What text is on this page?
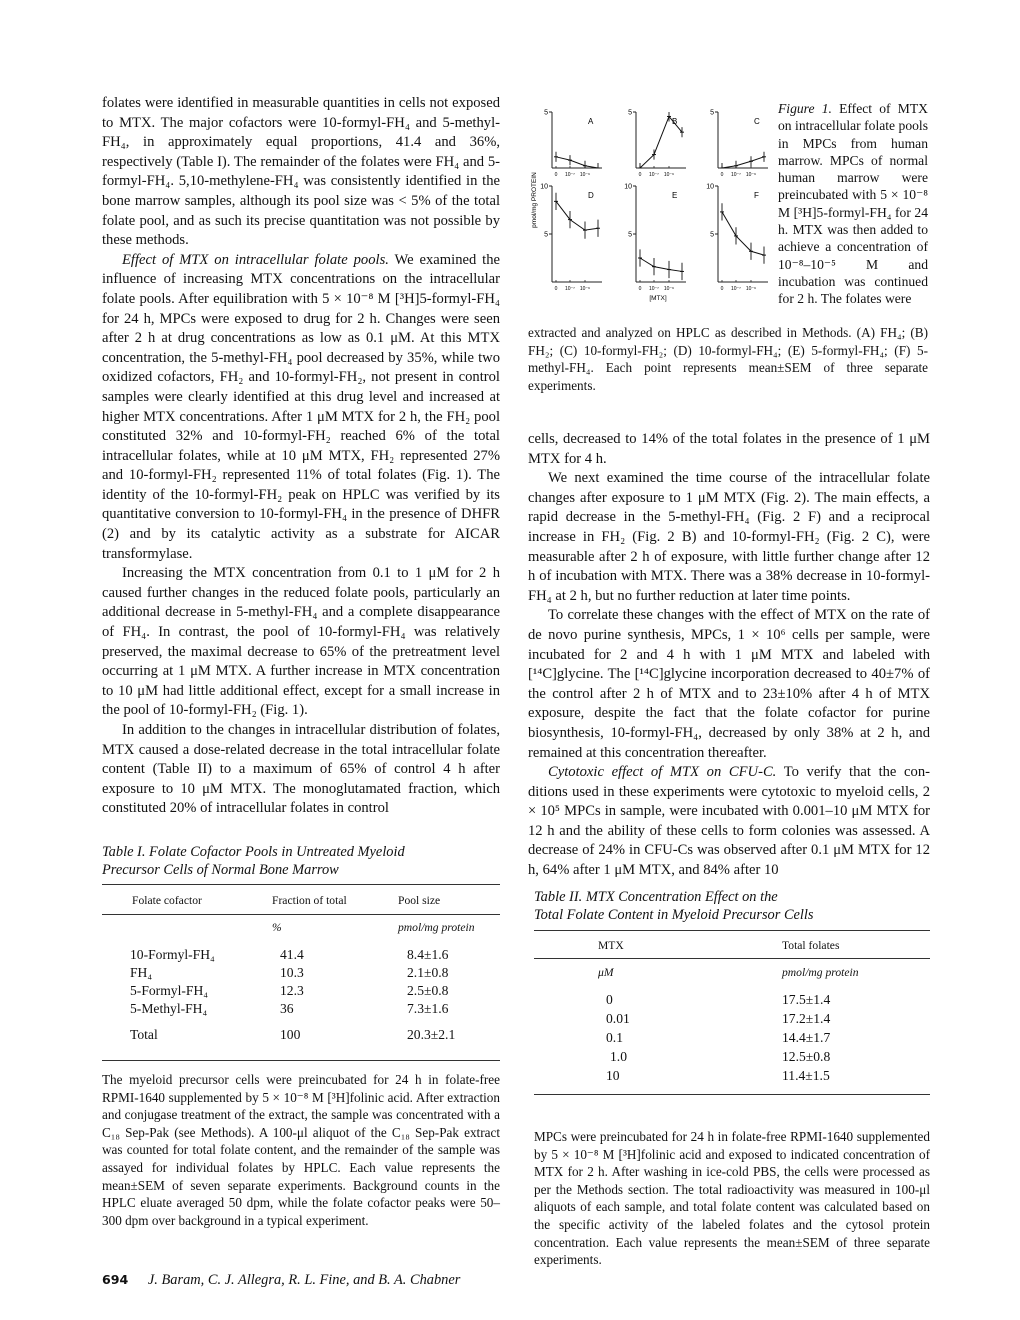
folates were identified in measurable quantities in cells not exposed to MTX. The major cofactors were 10-formyl-FH₄ and 5-methyl-FH₄, in approximately equal proportions, 41.4 and 36%, respectively (Table I). The remainder of the folates were FH₄ and 5-formyl-FH₄. 5,10-methylene-FH₄ was consistently identified in the bone marrow samples, although its pool size was < 5% of the total folate pool, and as such its precise quantitation was not possible by these methods.

Effect of MTX on intracellular folate pools. We examined the influence of increasing MTX concentrations on the intracellular folate pools. After equilibration with 5 × 10⁻⁸ M [³H]5-formyl-FH₄ for 24 h, MPCs were exposed to drug for 2 h. Changes were seen after 2 h at drug concentrations as low as 0.1 μM. At this MTX concentration, the 5-methyl-FH₄ pool decreased by 35%, while two oxidized cofactors, FH₂ and 10-formyl-FH₂, not present in control samples were clearly identified at this drug level and increased at higher MTX concentrations. After 1 μM MTX for 2 h, the FH₂ pool constituted 32% and 10-formyl-FH₂ reached 6% of the total intracellular folates, while at 10 μM MTX, FH₂ represented 27% and 10-formyl-FH₂ represented 11% of total folates (Fig. 1). The identity of the 10-formyl-FH₂ peak on HPLC was verified by its quantitative conversion to 10-formyl-FH₄ in the presence of DHFR (2) and by its catalytic activity as a substrate for AICAR transformylase.

Increasing the MTX concentration from 0.1 to 1 μM for 2 h caused further changes in the reduced folate pools, particularly an additional decrease in 5-methyl-FH₄ and a complete disappearance of FH₄. In contrast, the pool of 10-formyl-FH₄ was relatively preserved, the maximal decrease to 65% of the pretreatment level occurring at 1 μM MTX. A further increase in MTX concentration to 10 μM had little additional effect, except for a small increase in the pool of 10-formyl-FH₂ (Fig. 1).

In addition to the changes in intracellular distribution of folates, MTX caused a dose-related decrease in the total intracellular folate content (Table II) to a maximum of 65% of control 4 h after exposure to 10 μM MTX. The monoglutamated fraction, which constituted 20% of intracellular folates in control

pmol/mg PROTEIN
5
0 10⁻⁷ 10⁻⁶
A
5
0 10⁻⁷ 10⁻⁶
B
5
0 10⁻⁷ 10⁻⁶
C
10
5
0 10⁻⁷ 10⁻⁶
D
10
5
0 10⁻⁷ 10⁻⁶
E
10
5
0 10⁻⁷ 10⁻⁶
F
[MTX]
Figure 1. Effect of MTX on intracellular folate pools in MPCs from human marrow. MPCs of normal human marrow were preincubated with 5 × 10⁻⁸ M [³H]5-formyl-FH₄ for 24 h. MTX was then added to achieve a concentration of 10⁻⁸–10⁻⁵ M and incubation was continued for 2 h. The folates were
extracted and analyzed on HPLC as described in Methods. (A) FH₄; (B) FH₂; (C) 10-formyl-FH₂; (D) 10-formyl-FH₄; (E) 5-formyl-FH₄; (F) 5-methyl-FH₄. Each point represents mean±SEM of three separate experiments.

cells, decreased to 14% of the total folates in the presence of 1 μM MTX for 4 h.

We next examined the time course of the intracellular folate changes after exposure to 1 μM MTX (Fig. 2). The main effects, a rapid decrease in the 5-methyl-FH₄ (Fig. 2 F) and a reciprocal increase in FH₂ (Fig. 2 B) and 10-formyl-FH₂ (Fig. 2 C), were measurable after 2 h of exposure, with little further change after 12 h of incubation with MTX. There was a 38% decrease in 10-formyl-FH₄ at 2 h, but no further reduction at later time points.

To correlate these changes with the effect of MTX on the rate of de novo purine synthesis, MPCs, 1 × 10⁶ cells per sample, were incubated for 2 and 4 h with 1 μM MTX and labeled with [¹⁴C]glycine. The [¹⁴C]glycine incorporation decreased to 40±7% of the control after 2 h of MTX and to 23±10% after 4 h of MTX exposure, despite the fact that the folate cofactor for purine biosynthesis, 10-formyl-FH₄, decreased by only 38% at 2 h, and remained at this concentration thereafter.

Cytotoxic effect of MTX on CFU-C. To verify that the con- ditions used in these experiments were cytotoxic to myeloid cells, 2 × 10⁵ MPCs in sample, were incubated with 0.001–10 μM MTX for 12 h and the ability of these cells to form colonies was assessed. A decrease of 24% in CFU-Cs was observed after 0.1 μM MTX for 12 h, 64% after 1 μM MTX, and 84% after 10

Table I. Folate Cofactor Pools in Untreated Myeloid
Precursor Cells of Normal Bone Marrow
Folate cofactor	Fraction of total	Pool size
%	pmol/mg protein
10-Formyl-FH₄	41.4	8.4±1.6
FH₄	10.3	2.1±0.8
5-Formyl-FH₄	12.3	2.5±0.8
5-Methyl-FH₄	36	7.3±1.6
Total	100	20.3±2.1
The myeloid precursor cells were preincubated for 24 h in folate-free RPMI-1640 supplemented by 5 × 10⁻⁸ M [³H]folinic acid. After extraction and conjugase treatment of the extract, the sample was concentrated with a C₁₈ Sep-Pak (see Methods). A 100-μl aliquot of the C₁₈ Sep-Pak extract was counted for total folate content, and the remainder of the sample was assayed for individual folates by HPLC. Each value represents the mean±SEM of seven separate experiments. Background counts in the HPLC eluate averaged 50 dpm, while the folate cofactor peaks were 50–300 dpm over background in a typical experiment.
Table II. MTX Concentration Effect on the
Total Folate Content in Myeloid Precursor Cells
MTX	Total folates
μM	pmol/mg protein
0	17.5±1.4
0.01	17.2±1.4
0.1	14.4±1.7
1.0	12.5±0.8
10	11.4±1.5
MPCs were preincubated for 24 h in folate-free RPMI-1640 supplemented by 5 × 10⁻⁸ M [³H]folinic acid and exposed to indicated concentration of MTX for 2 h. After washing in ice-cold PBS, the cells were processed as per the Methods section. The total radioactivity was measured in 100-μl aliquots of each sample, and total folate content was calculated based on the specific activity of the labeled folates and the cytosol protein concentration. Each value represents the mean±SEM of three separate experiments.
694 J. Baram, C. J. Allegra, R. L. Fine, and B. A. Chabner
